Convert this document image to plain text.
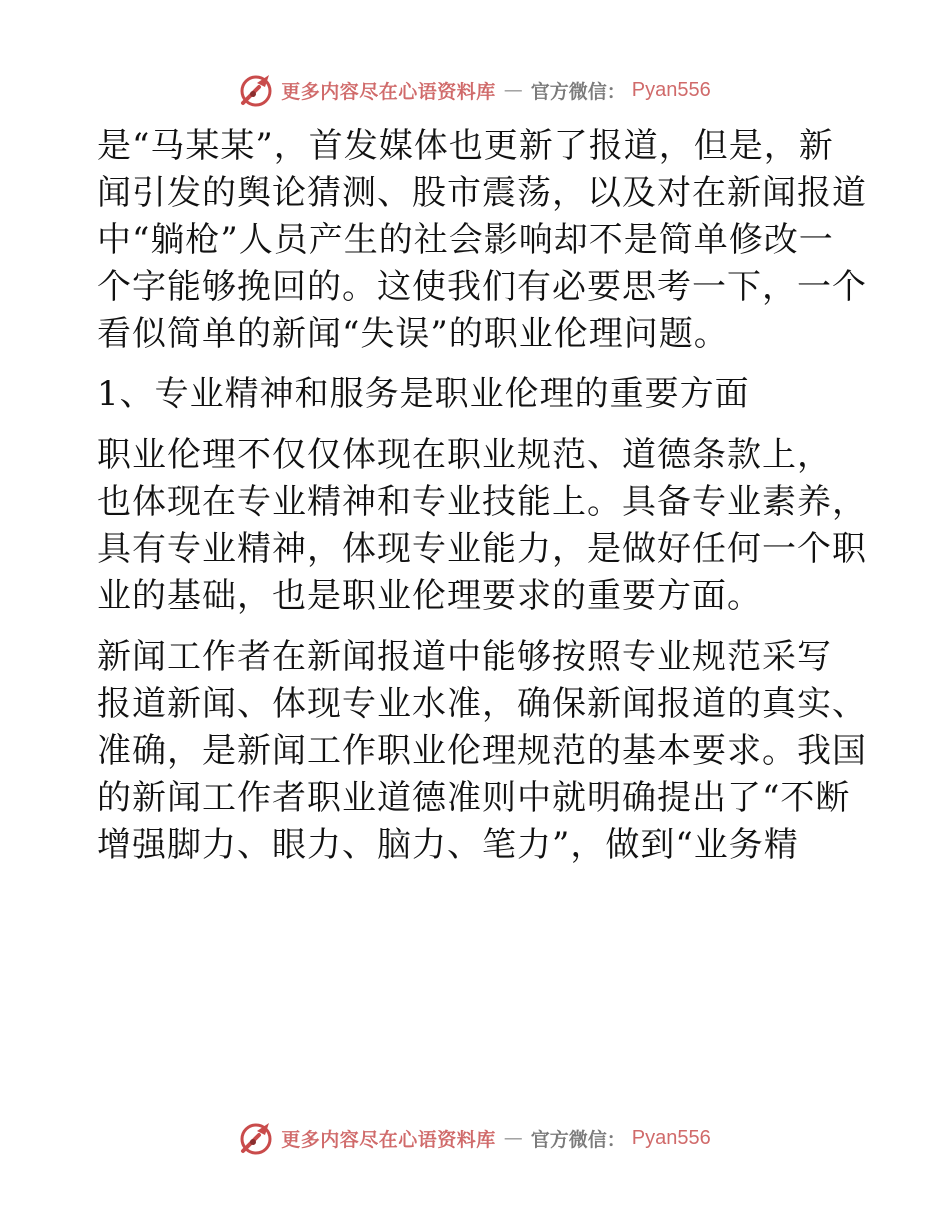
更多内容尽在心语资料库 — 官方微信： Pyan556

是“马某某”，首发媒体也更新了报道，但是，新
闻引发的舆论猜测、股市震荡，以及对在新闻报道
中“躺枪”人员产生的社会影响却不是简单修改一
个字能够挽回的。这使我们有必要思考一下，一个
看似简单的新闻“失误”的职业伦理问题。

1、专业精神和服务是职业伦理的重要方面

职业伦理不仅仅体现在职业规范、道德条款上，
也体现在专业精神和专业技能上。具备专业素养，
具有专业精神，体现专业能力，是做好任何一个职
业的基础，也是职业伦理要求的重要方面。

新闻工作者在新闻报道中能够按照专业规范采写
报道新闻、体现专业水准，确保新闻报道的真实、
准确，是新闻工作职业伦理规范的基本要求。我国
的新闻工作者职业道德准则中就明确提出了“不断
增强脚力、眼力、脑力、笔力”，做到“业务精

更多内容尽在心语资料库 — 官方微信： Pyan556
